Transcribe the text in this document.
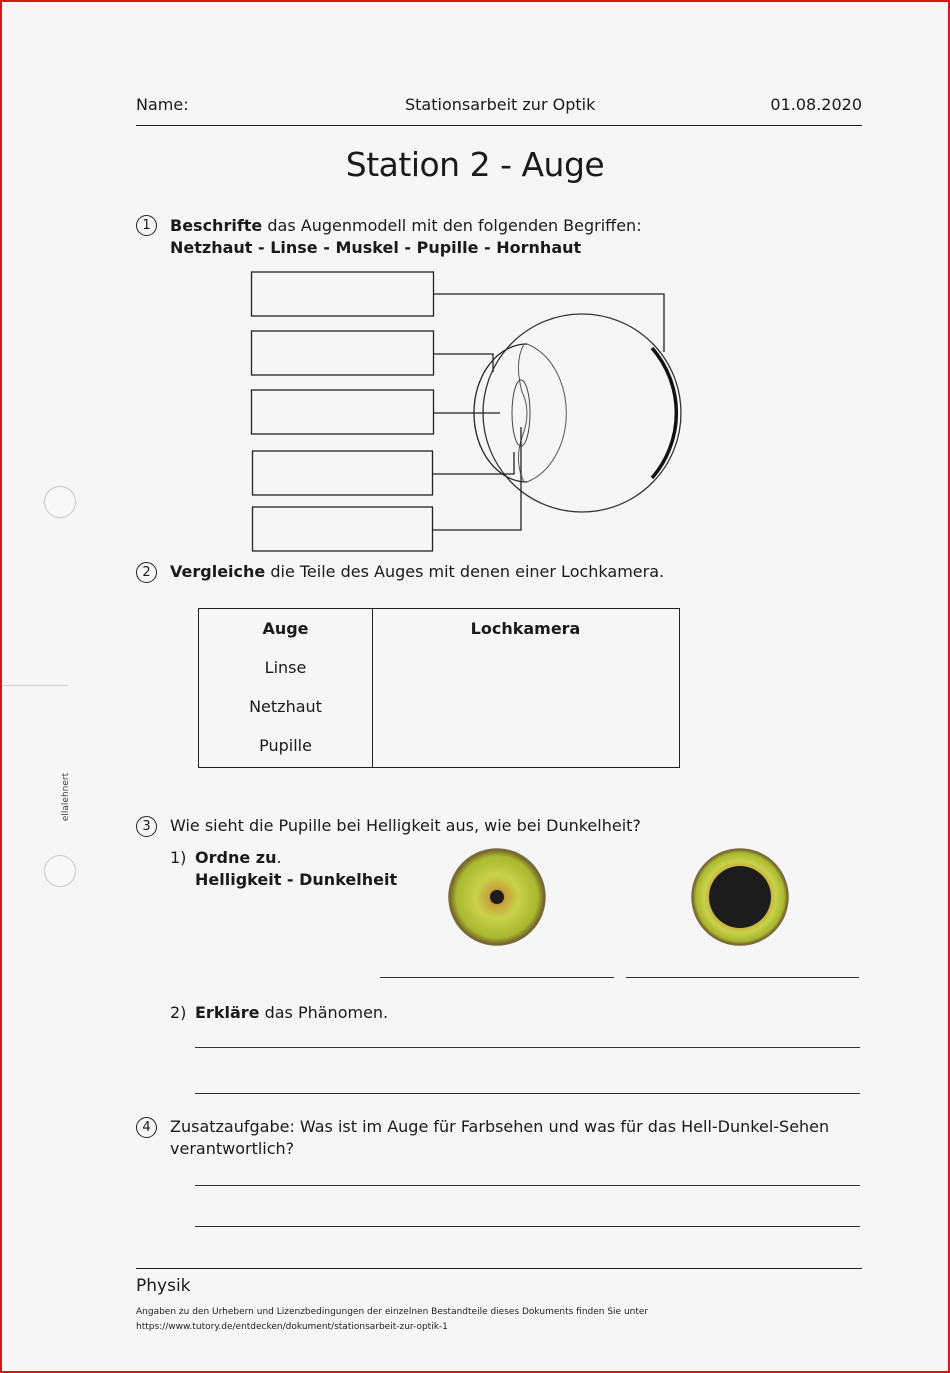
ellalehnert
Name:	Stationsarbeit zur Optik	01.08.2020
Station 2 - Auge
1	Beschrifte das Augenmodell mit den folgenden Begriffen:
Netzhaut - Linse - Muskel - Pupille - Hornhaut
2	Vergleiche die Teile des Auges mit denen einer Lochkamera.
Auge	Lochkamera
Linse
Netzhaut
Pupille
3	Wie sieht die Pupille bei Helligkeit aus, wie bei Dunkelheit?
1) Ordne zu.
Helligkeit - Dunkelheit
2) Erkläre das Phänomen.
4	Zusatzaufgabe: Was ist im Auge für Farbsehen und was für das Hell-Dunkel-Sehen verantwortlich?
Physik
Angaben zu den Urhebern und Lizenzbedingungen der einzelnen Bestandteile dieses Dokuments finden Sie unter
https://www.tutory.de/entdecken/dokument/stationsarbeit-zur-optik-1
